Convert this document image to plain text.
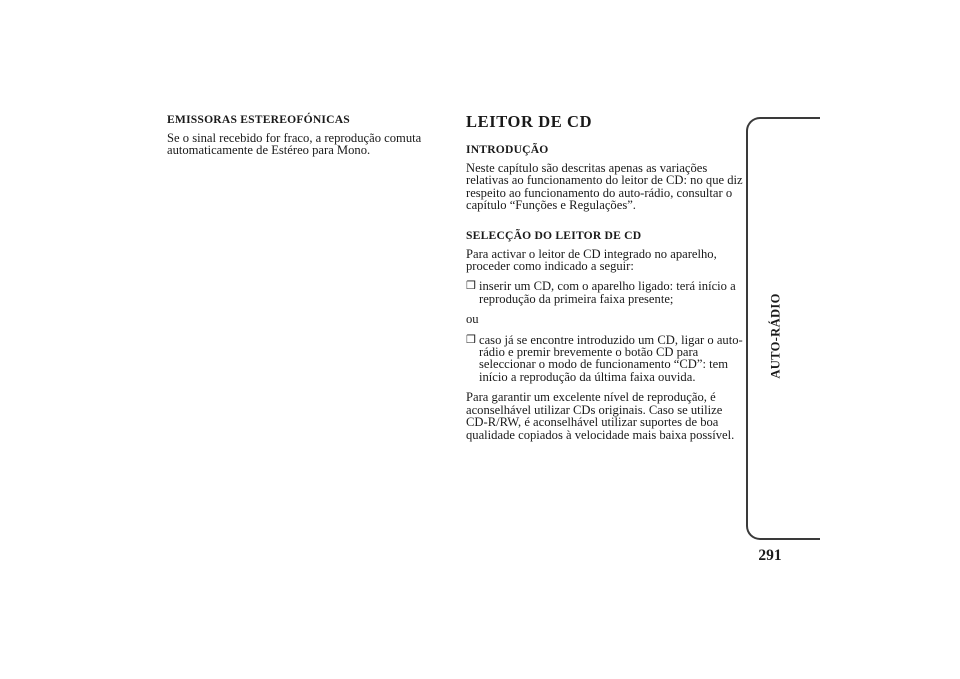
EMISSORAS ESTEREOFÓNICAS

Se o sinal recebido for fraco, a reprodução comuta automaticamente de Estéreo para Mono.

LEITOR DE CD
INTRODUÇÃO

Neste capítulo são descritas apenas as variações relativas ao funcionamento do leitor de CD: no que diz respeito ao funcionamento do auto-rádio, consultar o capítulo “Funções e Regulações”.

SELECÇÃO DO LEITOR DE CD

Para activar o leitor de CD integrado no aparelho, proceder como indicado a seguir:

❒ inserir um CD, com o aparelho ligado: terá início a reprodução da primeira faixa presente;

ou

❒ caso já se encontre introduzido um CD, ligar o auto-rádio e premir brevemente o botão CD para seleccionar o modo de funcionamento “CD”: tem início a reprodução da última faixa ouvida.

Para garantir um excelente nível de reprodução, é aconselhável utilizar CDs originais. Caso se utilize CD-R/RW, é aconselhável utilizar suportes de boa qualidade copiados à velocidade mais baixa possível.

AUTO-RÁDIO
291
